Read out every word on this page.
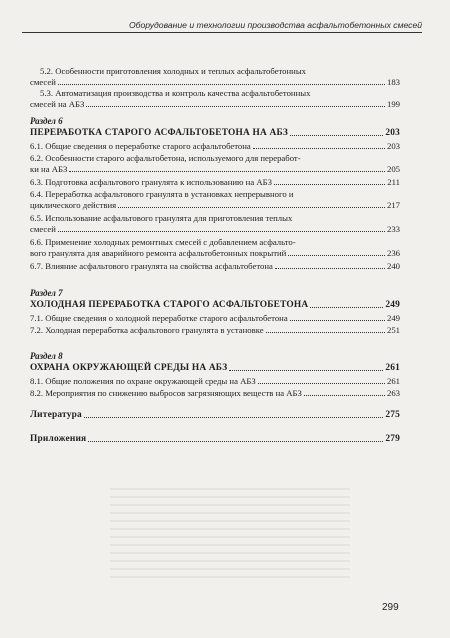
Оборудование и технологии производства асфальтобетонных смесей
5.2. Особенности приготовления холодных и теплых асфальтобетонных
смесей	183
5.3. Автоматизация производства и контроль качества асфальтобетонных
смесей на АБЗ	199
Раздел 6
ПЕРЕРАБОТКА СТАРОГО АСФАЛЬТОБЕТОНА НА АБЗ	203
6.1. Общие сведения о переработке старого асфальтобетона	203
6.2. Особенности старого асфальтобетона, используемого для переработ-
ки на АБЗ	205
6.3. Подготовка асфальтового гранулята к использованию на АБЗ	211
6.4. Переработка асфальтового гранулята в установках непрерывного и
циклического действия	217
6.5. Использование асфальтового гранулята для приготовления теплых
смесей	233
6.6. Применение холодных ремонтных смесей с добавлением асфальто-
вого гранулята для аварийного ремонта асфальтобетонных покрытий	236
6.7. Влияние асфальтового гранулята на свойства асфальтобетона	240
Раздел 7
ХОЛОДНАЯ ПЕРЕРАБОТКА СТАРОГО АСФАЛЬТОБЕТОНА	249
7.1. Общие сведения о холодной переработке старого асфальтобетона	249
7.2. Холодная переработка асфальтового гранулята в установке	251
Раздел 8
ОХРАНА ОКРУЖАЮЩЕЙ СРЕДЫ НА АБЗ	261
8.1. Общие положения по охране окружающей среды на АБЗ	261
8.2. Мероприятия по снижению выбросов загрязняющих веществ на АБЗ	263
Литература	275
Приложения	279
299
